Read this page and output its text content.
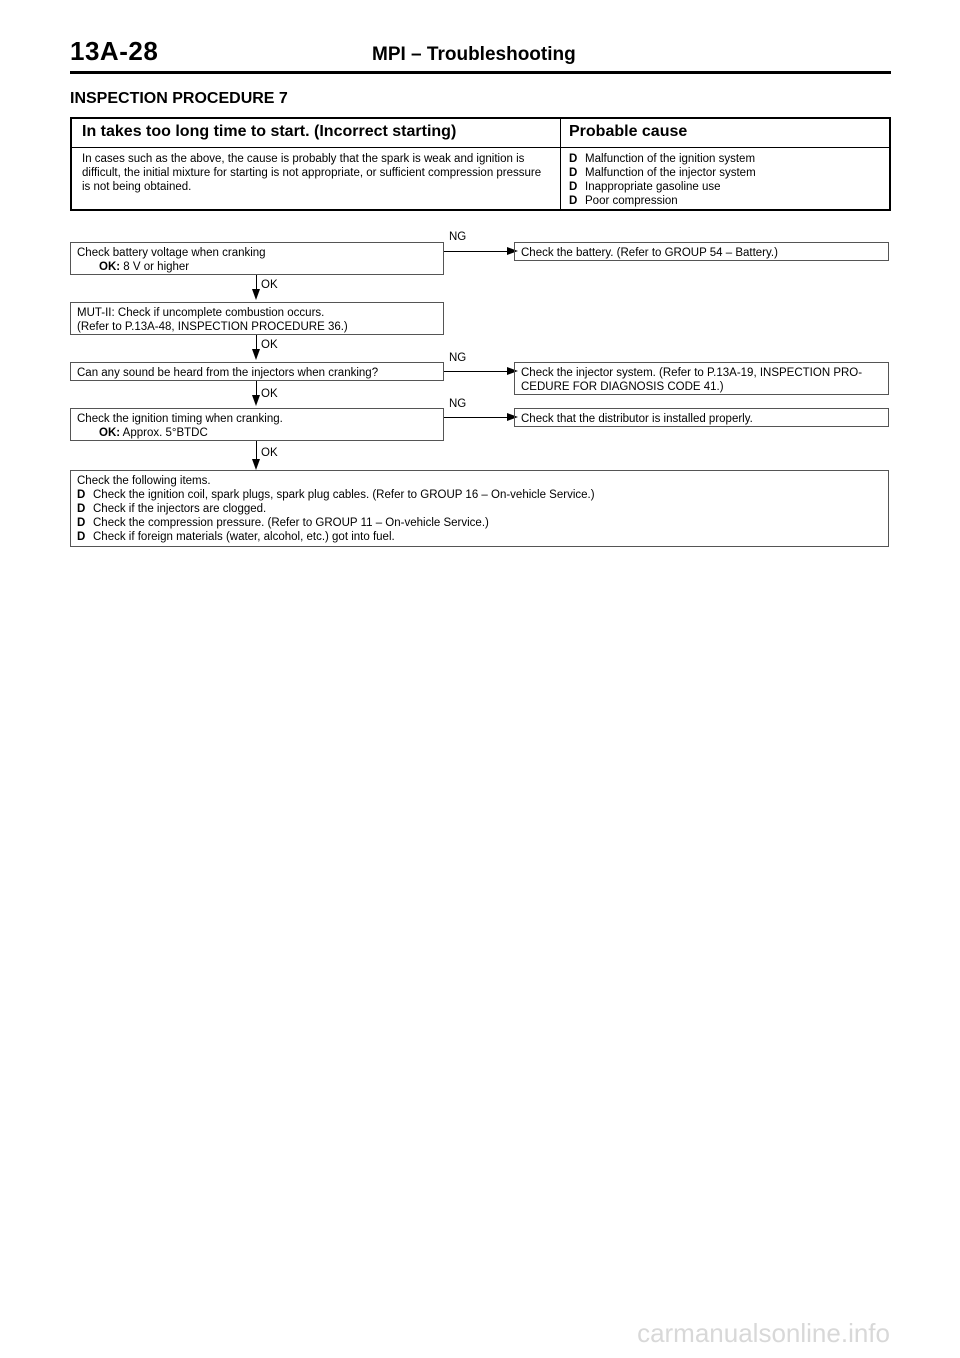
13A-28	MPI – Troubleshooting
INSPECTION PROCEDURE 7
In takes too long time to start. (Incorrect starting)	Probable cause
In cases such as the above, the cause is probably that the spark is weak and ignition is difficult, the initial mixture for starting is not appropriate, or sufficient compression pressure is not being obtained.
D Malfunction of the ignition system
D Malfunction of the injector system
D Inappropriate gasoline use
D Poor compression
Check battery voltage when cranking
OK: 8 V or higher
NG
Check the battery. (Refer to GROUP 54 – Battery.)
OK
MUT-II: Check if uncomplete combustion occurs.
(Refer to P.13A-48, INSPECTION PROCEDURE 36.)
OK
Can any sound be heard from the injectors when cranking?
NG
Check the injector system. (Refer to P.13A-19, INSPECTION PRO-
CEDURE FOR DIAGNOSIS CODE 41.)
OK
Check the ignition timing when cranking.
OK: Approx. 5°BTDC
NG
Check that the distributor is installed properly.
OK
Check the following items.
D Check the ignition coil, spark plugs, spark plug cables. (Refer to GROUP 16 – On-vehicle Service.)
D Check if the injectors are clogged.
D Check the compression pressure. (Refer to GROUP 11 – On-vehicle Service.)
D Check if foreign materials (water, alcohol, etc.) got into fuel.
carmanualsonline.info
